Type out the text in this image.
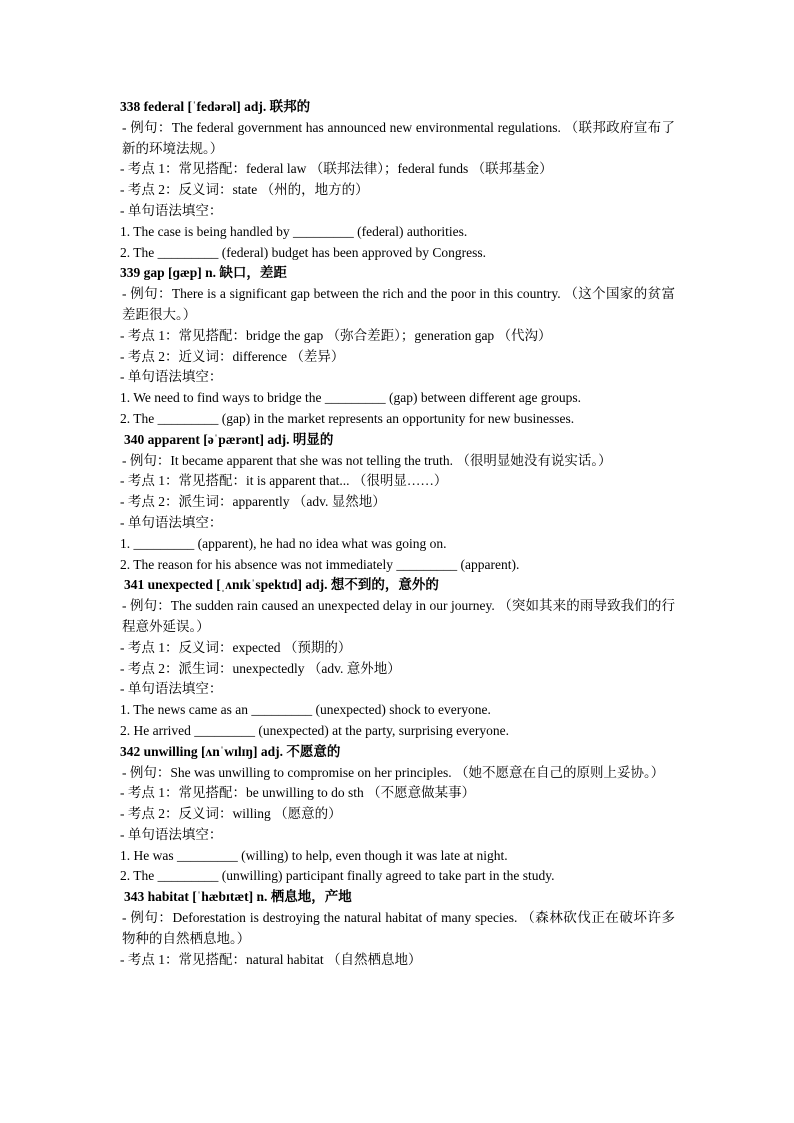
338 federal [ˈfedərəl] adj. 联邦的
- 例句：The federal government has announced new environmental regulations. （联邦政府宣布了新的环境法规。）
- 考点 1：常见搭配：federal law （联邦法律）；federal funds （联邦基金）
- 考点 2：反义词：state （州的，地方的）
- 单句语法填空：
1. The case is being handled by _________ (federal) authorities.
2. The _________ (federal) budget has been approved by Congress.
339 gap [ɡæp] n. 缺口，差距
- 例句：There is a significant gap between the rich and the poor in this country. （这个国家的贫富差距很大。）
- 考点 1：常见搭配：bridge the gap （弥合差距）；generation gap （代沟）
- 考点 2：近义词：difference （差异）
- 单句语法填空：
1. We need to find ways to bridge the _________ (gap) between different age groups.
2. The _________ (gap) in the market represents an opportunity for new businesses.
340 apparent [əˈpærənt] adj. 明显的
- 例句：It became apparent that she was not telling the truth. （很明显她没有说实话。）
- 考点 1：常见搭配：it is apparent that... （很明显……）
- 考点 2：派生词：apparently （adv. 显然地）
- 单句语法填空：
1. _________ (apparent), he had no idea what was going on.
2. The reason for his absence was not immediately _________ (apparent).
341 unexpected [ˌʌnɪkˈspektɪd] adj. 想不到的，意外的
- 例句：The sudden rain caused an unexpected delay in our journey. （突如其来的雨导致我们的行程意外延误。）
- 考点 1：反义词：expected （预期的）
- 考点 2：派生词：unexpectedly （adv. 意外地）
- 单句语法填空：
1. The news came as an _________ (unexpected) shock to everyone.
2. He arrived _________ (unexpected) at the party, surprising everyone.
342 unwilling [ʌnˈwɪlɪŋ] adj. 不愿意的
- 例句：She was unwilling to compromise on her principles. （她不愿意在自己的原则上妥协。）
- 考点 1：常见搭配：be unwilling to do sth （不愿意做某事）
- 考点 2：反义词：willing （愿意的）
- 单句语法填空：
1. He was _________ (willing) to help, even though it was late at night.
2. The _________ (unwilling) participant finally agreed to take part in the study.
343 habitat [ˈhæbɪtæt] n. 栖息地，产地
- 例句：Deforestation is destroying the natural habitat of many species. （森林砍伐正在破坏许多物种的自然栖息地。）
- 考点 1：常见搭配：natural habitat （自然栖息地）
